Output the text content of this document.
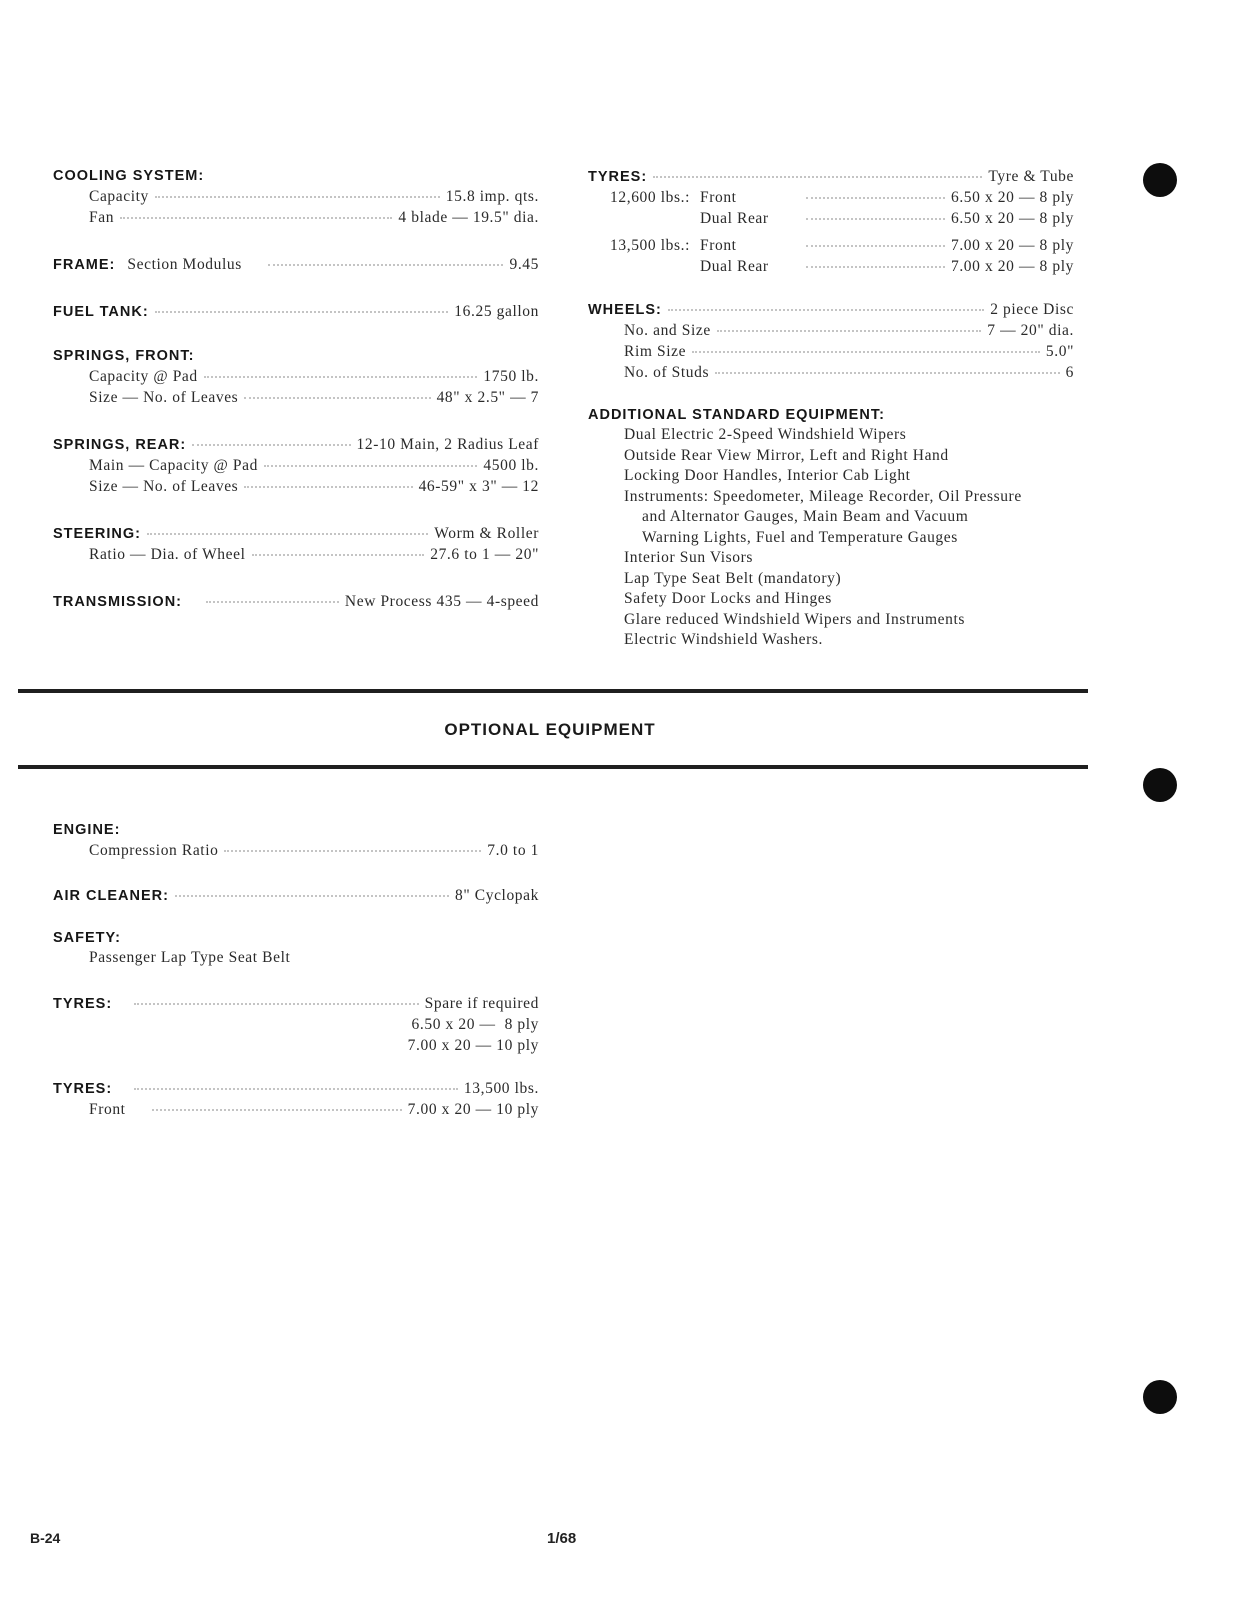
COOLING SYSTEM:
Capacity	15.8 imp. qts.
Fan	4 blade — 19.5" dia.
FRAME: Section Modulus	9.45
FUEL TANK:	16.25 gallon
SPRINGS, FRONT:
Capacity @ Pad	1750 lb.
Size — No. of Leaves	48" x 2.5" — 7
SPRINGS, REAR:	12-10 Main, 2 Radius Leaf
Main — Capacity @ Pad	4500 lb.
Size — No. of Leaves	46-59" x 3" — 12
STEERING:	Worm & Roller
Ratio — Dia. of Wheel	27.6 to 1 — 20"
TRANSMISSION:	New Process 435 — 4-speed
TYRES:	Tyre & Tube
12,600 lbs.: Front	6.50 x 20 — 8 ply
Dual Rear	6.50 x 20 — 8 ply
13,500 lbs.: Front	7.00 x 20 — 8 ply
Dual Rear	7.00 x 20 — 8 ply
WHEELS:	2 piece Disc
No. and Size	7 — 20" dia.
Rim Size	5.0"
No. of Studs	6
ADDITIONAL STANDARD EQUIPMENT:
Dual Electric 2-Speed Windshield Wipers
Outside Rear View Mirror, Left and Right Hand
Locking Door Handles, Interior Cab Light
Instruments: Speedometer, Mileage Recorder, Oil Pressure
and Alternator Gauges, Main Beam and Vacuum
Warning Lights, Fuel and Temperature Gauges
Interior Sun Visors
Lap Type Seat Belt (mandatory)
Safety Door Locks and Hinges
Glare reduced Windshield Wipers and Instruments
Electric Windshield Washers.
OPTIONAL EQUIPMENT
ENGINE:
Compression Ratio	7.0 to 1
AIR CLEANER:	8" Cyclopak
SAFETY:
Passenger Lap Type Seat Belt
TYRES:	Spare if required
6.50 x 20 —  8 ply
7.00 x 20 — 10 ply
TYRES:	13,500 lbs.
Front	7.00 x 20 — 10 ply
B-24	1/68
